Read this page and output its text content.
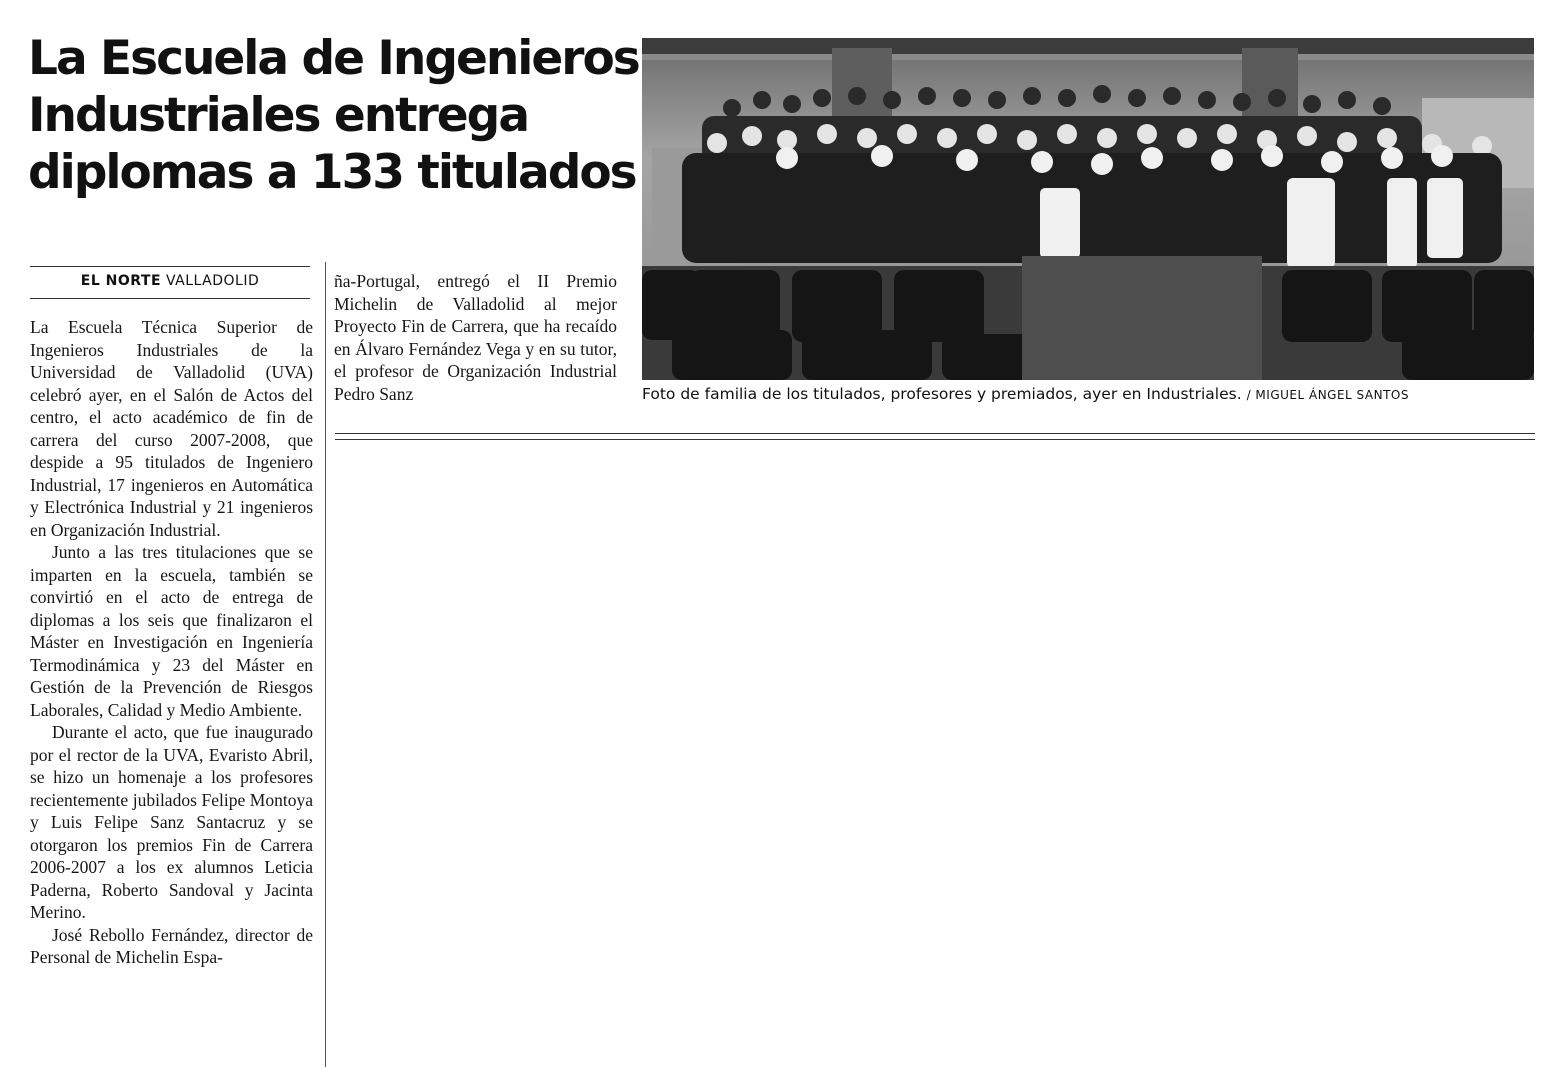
La Escuela de Ingenieros
Industriales entrega
diplomas a 133 titulados
EL NORTE VALLADOLID

La Escuela Técnica Superior de Ingenieros Industriales de la Universidad de Valladolid (UVA) celebró ayer, en el Salón de Actos del centro, el acto académico de fin de carrera del curso 2007-2008, que despide a 95 titulados de Ingeniero Industrial, 17 ingenieros en Automática y Electrónica Industrial y 21 ingenieros en Organización Industrial.

Junto a las tres titulaciones que se imparten en la escuela, también se convirtió en el acto de entrega de diplomas a los seis que finalizaron el Máster en Investigación en Ingeniería Termodinámica y 23 del Máster en Gestión de la Prevención de Riesgos Laborales, Calidad y Medio Ambiente.

Durante el acto, que fue inaugurado por el rector de la UVA, Evaristo Abril, se hizo un homenaje a los profesores recientemente jubilados Felipe Montoya y Luis Felipe Sanz Santacruz y se otorgaron los premios Fin de Carrera 2006-2007 a los ex alumnos Leticia Paderna, Roberto Sandoval y Jacinta Merino.

José Rebollo Fernández, director de Personal de Michelin Espa-

ña-Portugal, entregó el II Premio Michelin de Valladolid al mejor Proyecto Fin de Carrera, que ha recaído en Álvaro Fernández Vega y en su tutor, el profesor de Organización Industrial Pedro Sanz	Foto de familia de los titulados, profesores y premiados, ayer en Industriales. / MIGUEL ÁNGEL SANTOS
